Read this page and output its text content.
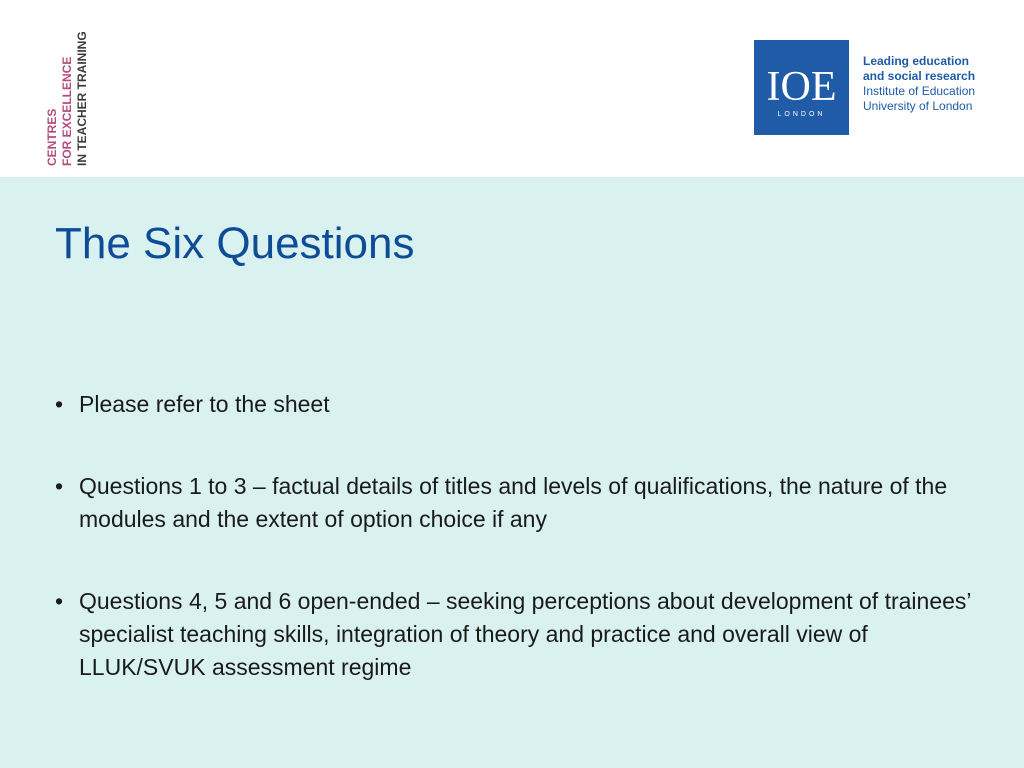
CENTRES FOR EXCELLENCE IN TEACHER TRAINING	IOE
LONDON
Leading education
and social research
Institute of Education
University of London
The Six Questions
• Please refer to the sheet
• Questions 1 to 3 – factual details of titles and levels of qualifications, the nature of the modules and the extent of option choice if any
• Questions 4, 5 and 6 open-ended – seeking perceptions about development of trainees’ specialist teaching skills, integration of theory and practice and overall view of LLUK/SVUK assessment regime
